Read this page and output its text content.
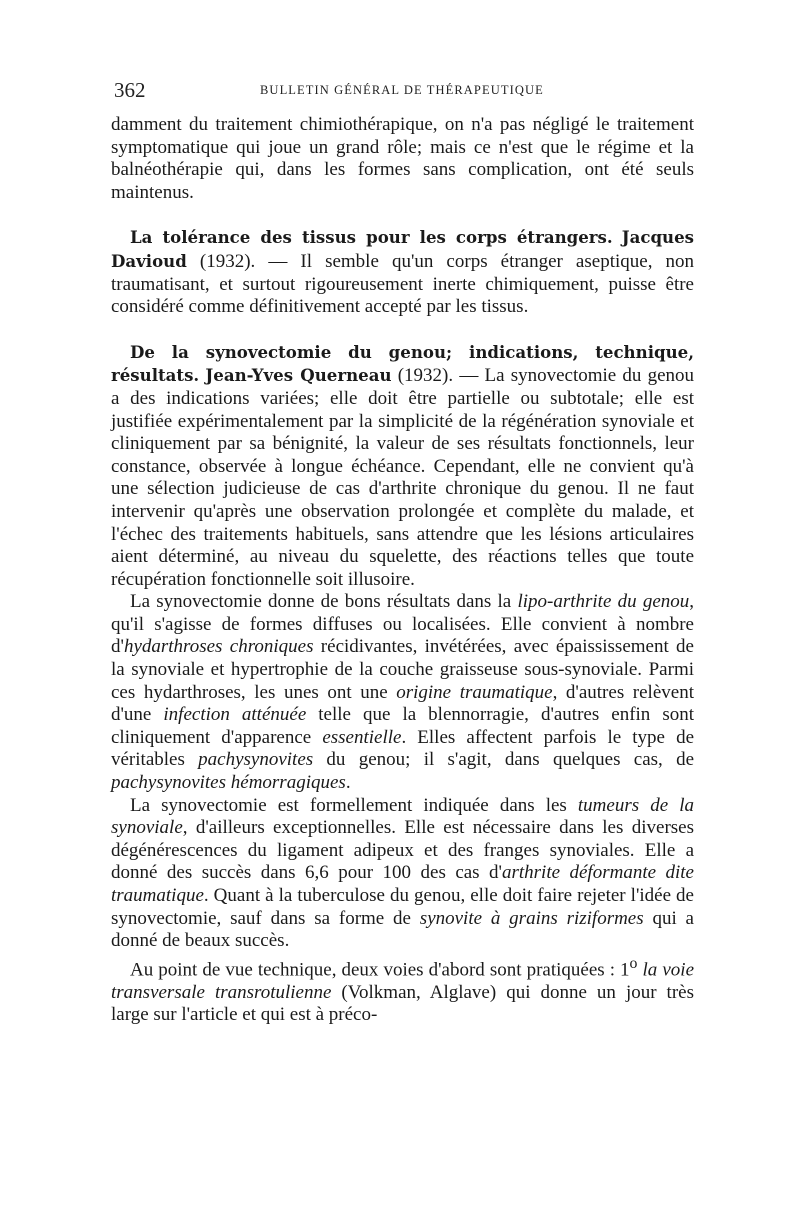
362	BULLETIN GÉNÉRAL DE THÉRAPEUTIQUE

damment du traitement chimiothérapique, on n'a pas négligé le traitement symptomatique qui joue un grand rôle; mais ce n'est que le régime et la balnéothérapie qui, dans les formes sans complication, ont été seuls maintenus.

La tolérance des tissus pour les corps étrangers. Jacques Davioud (1932). — Il semble qu'un corps étranger aseptique, non traumatisant, et surtout rigoureusement inerte chimiquement, puisse être considéré comme définitivement accepté par les tissus.

De la synovectomie du genou; indications, technique, résultats. Jean-Yves Querneau (1932). — La synovectomie du genou a des indications variées; elle doit être partielle ou subtotale; elle est justifiée expérimentalement par la simplicité de la régénération synoviale et cliniquement par sa bénignité, la valeur de ses résultats fonctionnels, leur constance, observée à longue échéance. Cependant, elle ne convient qu'à une sélection judicieuse de cas d'arthrite chronique du genou. Il ne faut intervenir qu'après une observation prolongée et complète du malade, et l'échec des traitements habituels, sans attendre que les lésions articulaires aient déterminé, au niveau du squelette, des réactions telles que toute récupération fonctionnelle soit illusoire.

La synovectomie donne de bons résultats dans la lipo-arthrite du genou, qu'il s'agisse de formes diffuses ou localisées. Elle convient à nombre d'hydarthroses chroniques récidivantes, invétérées, avec épaississement de la synoviale et hypertrophie de la couche graisseuse sous-synoviale. Parmi ces hydarthroses, les unes ont une origine traumatique, d'autres relèvent d'une infection atténuée telle que la blennorragie, d'autres enfin sont cliniquement d'apparence essentielle. Elles affectent parfois le type de véritables pachysynovites du genou; il s'agit, dans quelques cas, de pachysynovites hémorragiques.

La synovectomie est formellement indiquée dans les tumeurs de la synoviale, d'ailleurs exceptionnelles. Elle est nécessaire dans les diverses dégénérescences du ligament adipeux et des franges synoviales. Elle a donné des succès dans 6,6 pour 100 des cas d'arthrite déformante dite traumatique. Quant à la tuberculose du genou, elle doit faire rejeter l'idée de synovectomie, sauf dans sa forme de synovite à grains riziformes qui a donné de beaux succès.

Au point de vue technique, deux voies d'abord sont pratiquées : 1$^o$ la voie transversale transrotulienne (Volkman, Alglave) qui donne un jour très large sur l'article et qui est à préco-
